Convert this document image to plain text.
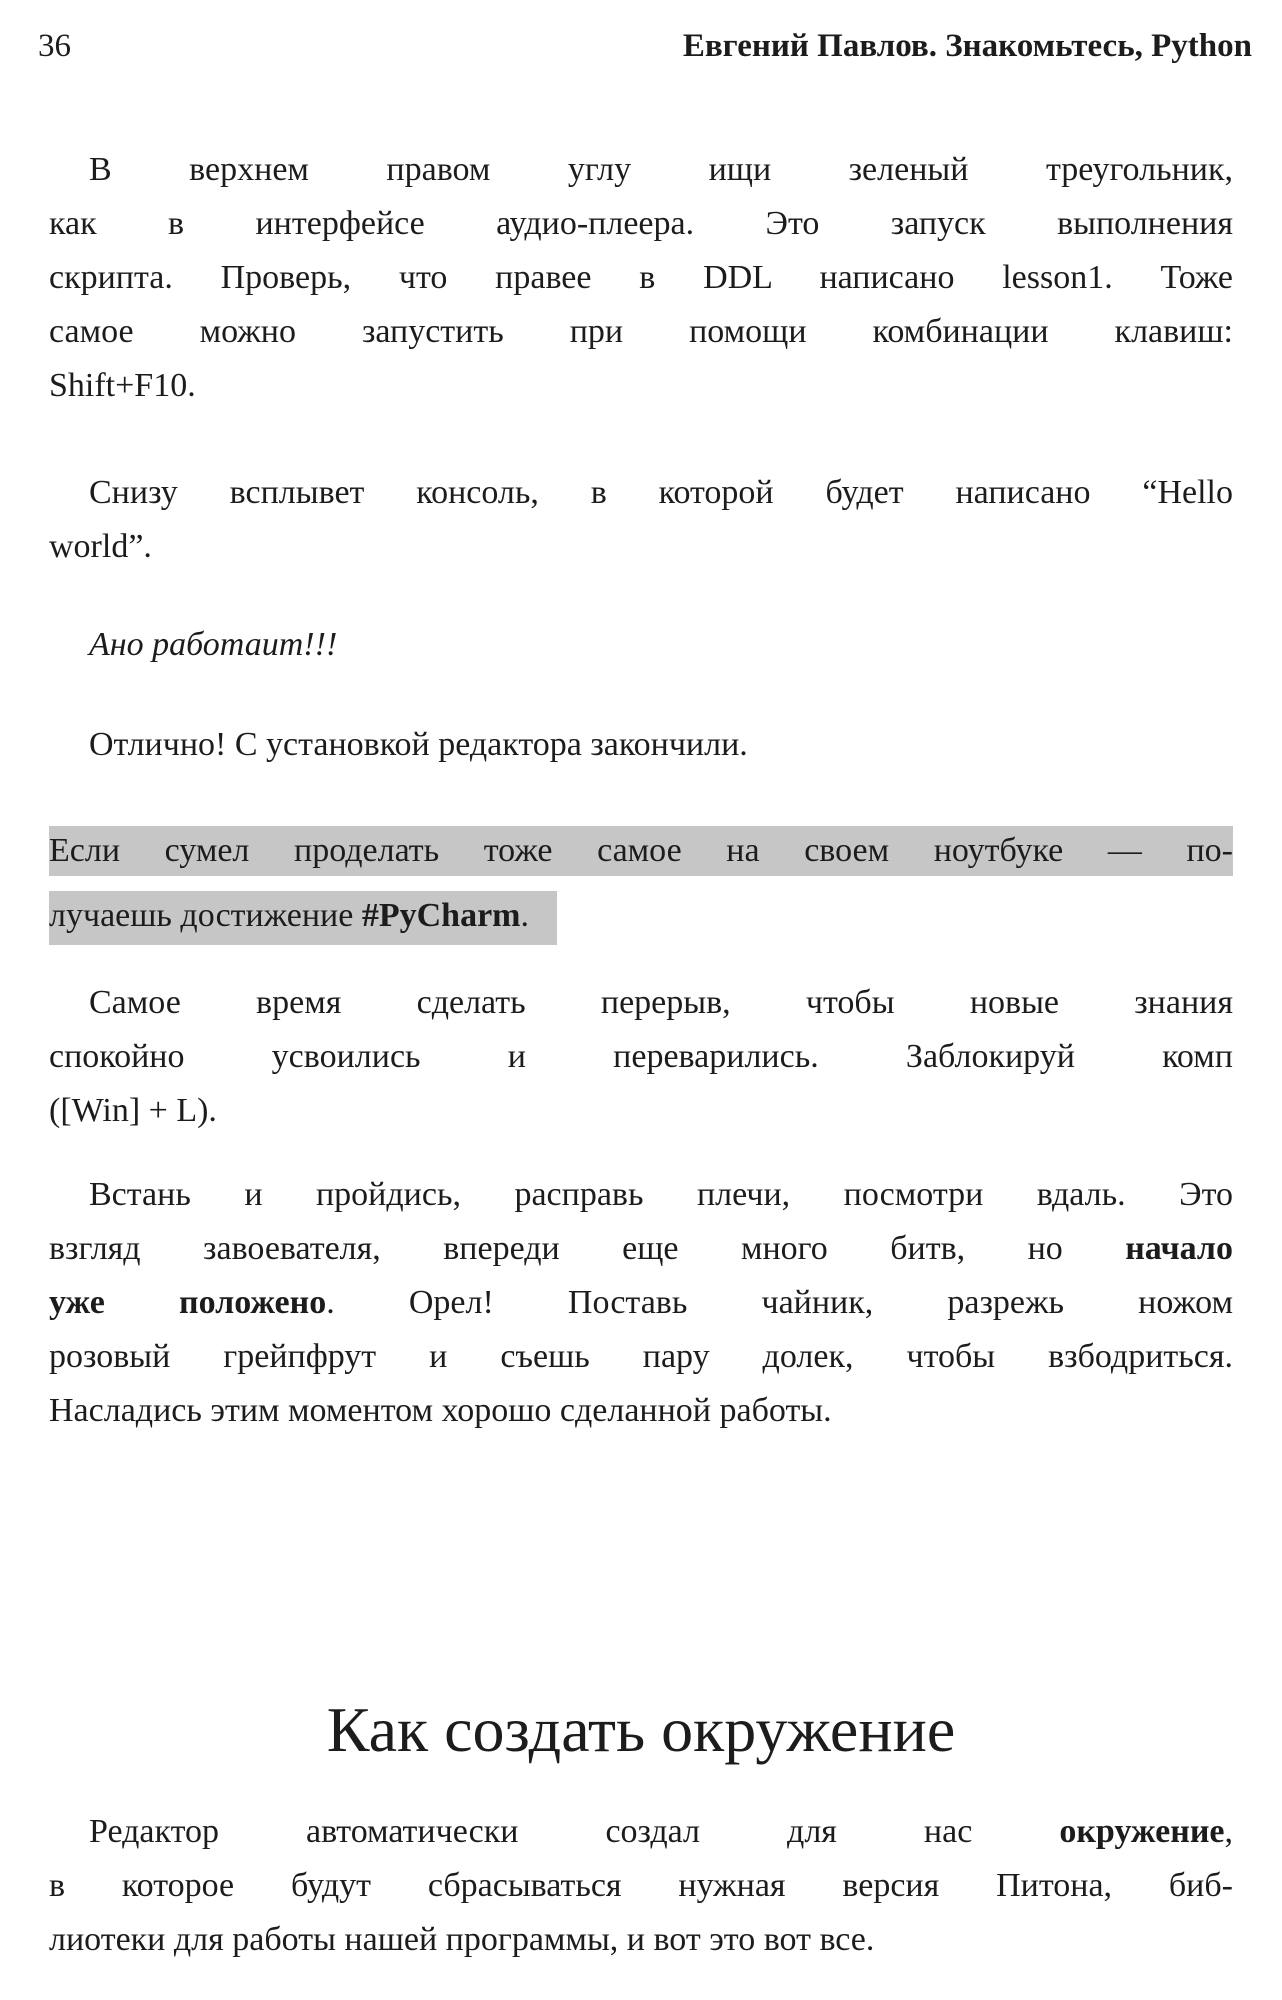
36	Евгений Павлов. Знакомьтесь, Python
В верхнем правом углу ищи зеленый треугольник,
как в интерфейсе аудио-плеера. Это запуск выполнения
скрипта. Проверь, что правее в DDL написано lesson1. Тоже
самое можно запустить при помощи комбинации клавиш:
Shift+F10.
Снизу всплывет консоль, в которой будет написано “Hello
world”.
Ано работаит!!!
Отлично! С установкой редактора закончили.
Если сумел проделать тоже самое на своем ноутбуке — по-
лучаешь достижение #PyCharm.
Самое время сделать перерыв, чтобы новые знания
спокойно усвоились и переварились. Заблокируй комп
([Win] + L).
Встань и пройдись, расправь плечи, посмотри вдаль. Это
взгляд завоевателя, впереди еще много битв, но начало
уже положено. Орел! Поставь чайник, разрежь ножом
розовый грейпфрут и съешь пару долек, чтобы взбодриться.
Насладись этим моментом хорошо сделанной работы.
Как создать окружение
Редактор автоматически создал для нас окружение,
в которое будут сбрасываться нужная версия Питона, биб-
лиотеки для работы нашей программы, и вот это вот все.
